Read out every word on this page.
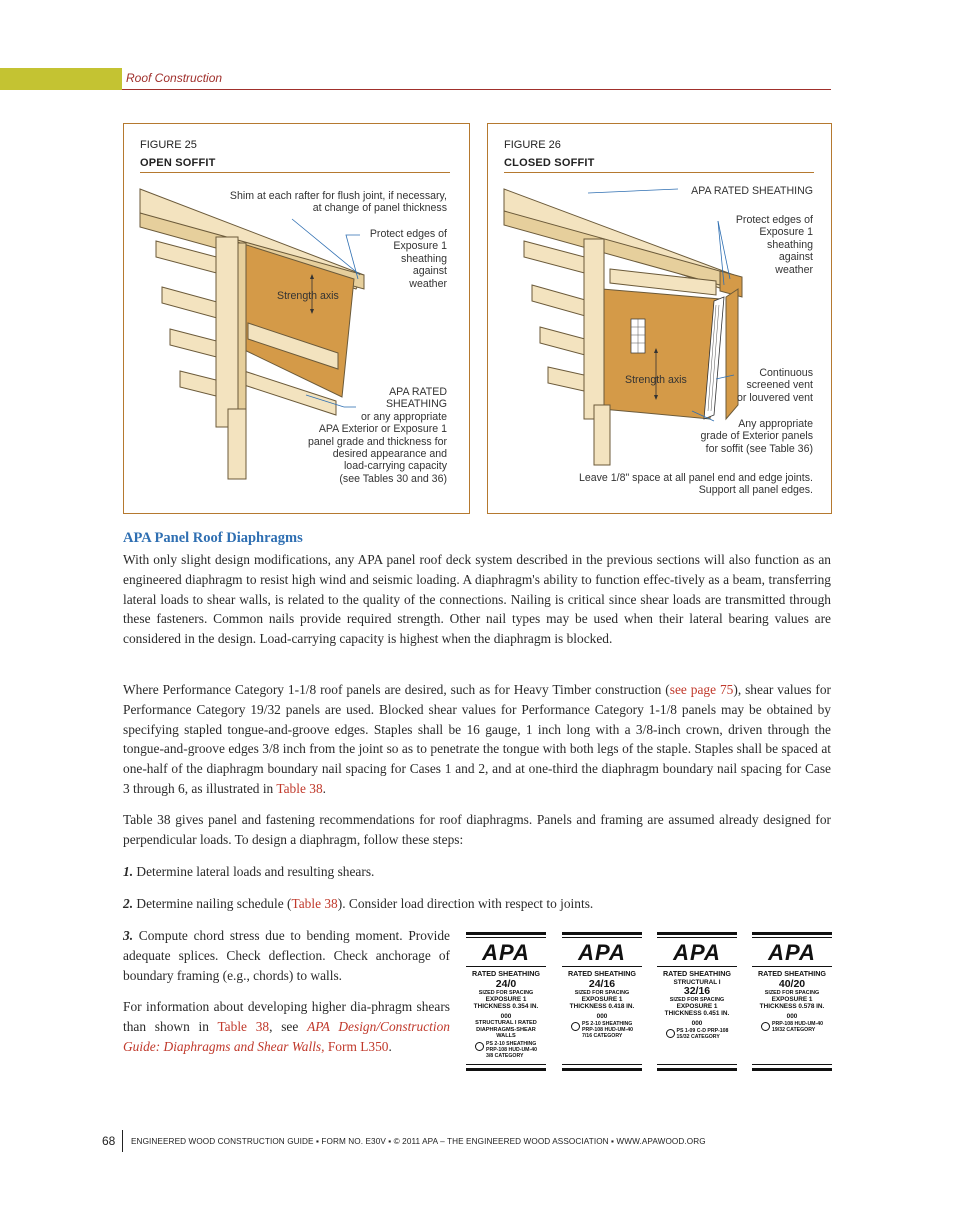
Roof Construction
FIGURE 25
OPEN SOFFIT
Shim at each rafter for flush joint, if necessary,
at change of panel thickness
Protect edges of
Exposure 1
sheathing
against
weather
Strength axis
APA RATED
SHEATHING
or any appropriate
APA Exterior or Exposure 1
panel grade and thickness for
desired appearance and
load-carrying capacity
(see Tables 30 and 36)
FIGURE 26
CLOSED SOFFIT
APA RATED SHEATHING
Protect edges of
Exposure 1
sheathing
against
weather
Continuous
screened vent
or louvered vent
Strength axis
Any appropriate
grade of Exterior panels
for soffit (see Table 36)
Leave 1/8" space at all panel end and edge joints.
Support all panel edges.
APA Panel Roof Diaphragms

With only slight design modifications, any APA panel roof deck system described in the previous sections will also function as an engineered diaphragm to resist high wind and seismic loading. A diaphragm's ability to function effec-tively as a beam, transferring lateral loads to shear walls, is related to the quality of the connections. Nailing is critical since shear loads are transmitted through these fasteners. Common nails provide required strength. Other nail types may be used when their lateral bearing values are considered in the design. Load-carrying capacity is highest when the diaphragm is blocked.

Where Performance Category 1-1/8 roof panels are desired, such as for Heavy Timber construction (see page 75), shear values for Performance Category 19/32 panels are used. Blocked shear values for Performance Category 1-1/8 panels may be obtained by specifying stapled tongue-and-groove edges. Staples shall be 16 gauge, 1 inch long with a 3/8-inch crown, driven through the tongue-and-groove edges 3/8 inch from the joint so as to penetrate the tongue with both legs of the staple. Staples shall be spaced at one-half of the diaphragm boundary nail spacing for Cases 1 and 2, and at one-third the diaphragm boundary nail spacing for Case 3 through 6, as illustrated in Table 38.

Table 38 gives panel and fastening recommendations for roof diaphragms. Panels and framing are assumed already designed for perpendicular loads. To design a diaphragm, follow these steps:

1. Determine lateral loads and resulting shears.

2. Determine nailing schedule (Table 38). Consider load direction with respect to joints.

3. Compute chord stress due to bending moment. Provide adequate splices. Check deflection. Check anchorage of boundary framing (e.g., chords) to walls.

For information about developing higher dia-phragm shears than shown in Table 38, see APA Design/Construction Guide: Diaphragms and Shear Walls, Form L350.

APA
RATED SHEATHING
24/0
SIZED FOR SPACING
EXPOSURE 1
THICKNESS 0.354 IN.
000
STRUCTURAL I RATED
DIAPHRAGMS-SHEAR WALLS
PS 2-10 SHEATHING
PRP-108 HUD-UM-40
3/8 CATEGORY
APA
RATED SHEATHING
24/16
SIZED FOR SPACING
EXPOSURE 1
THICKNESS 0.418 IN.
000
PS 2-10 SHEATHING
PRP-108 HUD-UM-40
7/16 CATEGORY
APA
RATED SHEATHING
STRUCTURAL I
32/16
SIZED FOR SPACING
EXPOSURE 1
THICKNESS 0.451 IN.
000
PS 1-09 C-D PRP-108
15/32 CATEGORY
APA
RATED SHEATHING
40/20
SIZED FOR SPACING
EXPOSURE 1
THICKNESS 0.578 IN.
000
PRP-108 HUD-UM-40
19/32 CATEGORY
68 ENGINEERED WOOD CONSTRUCTION GUIDE ▪ FORM NO. E30V ▪ © 2011 APA – THE ENGINEERED WOOD ASSOCIATION ▪ WWW.APAWOOD.ORG
